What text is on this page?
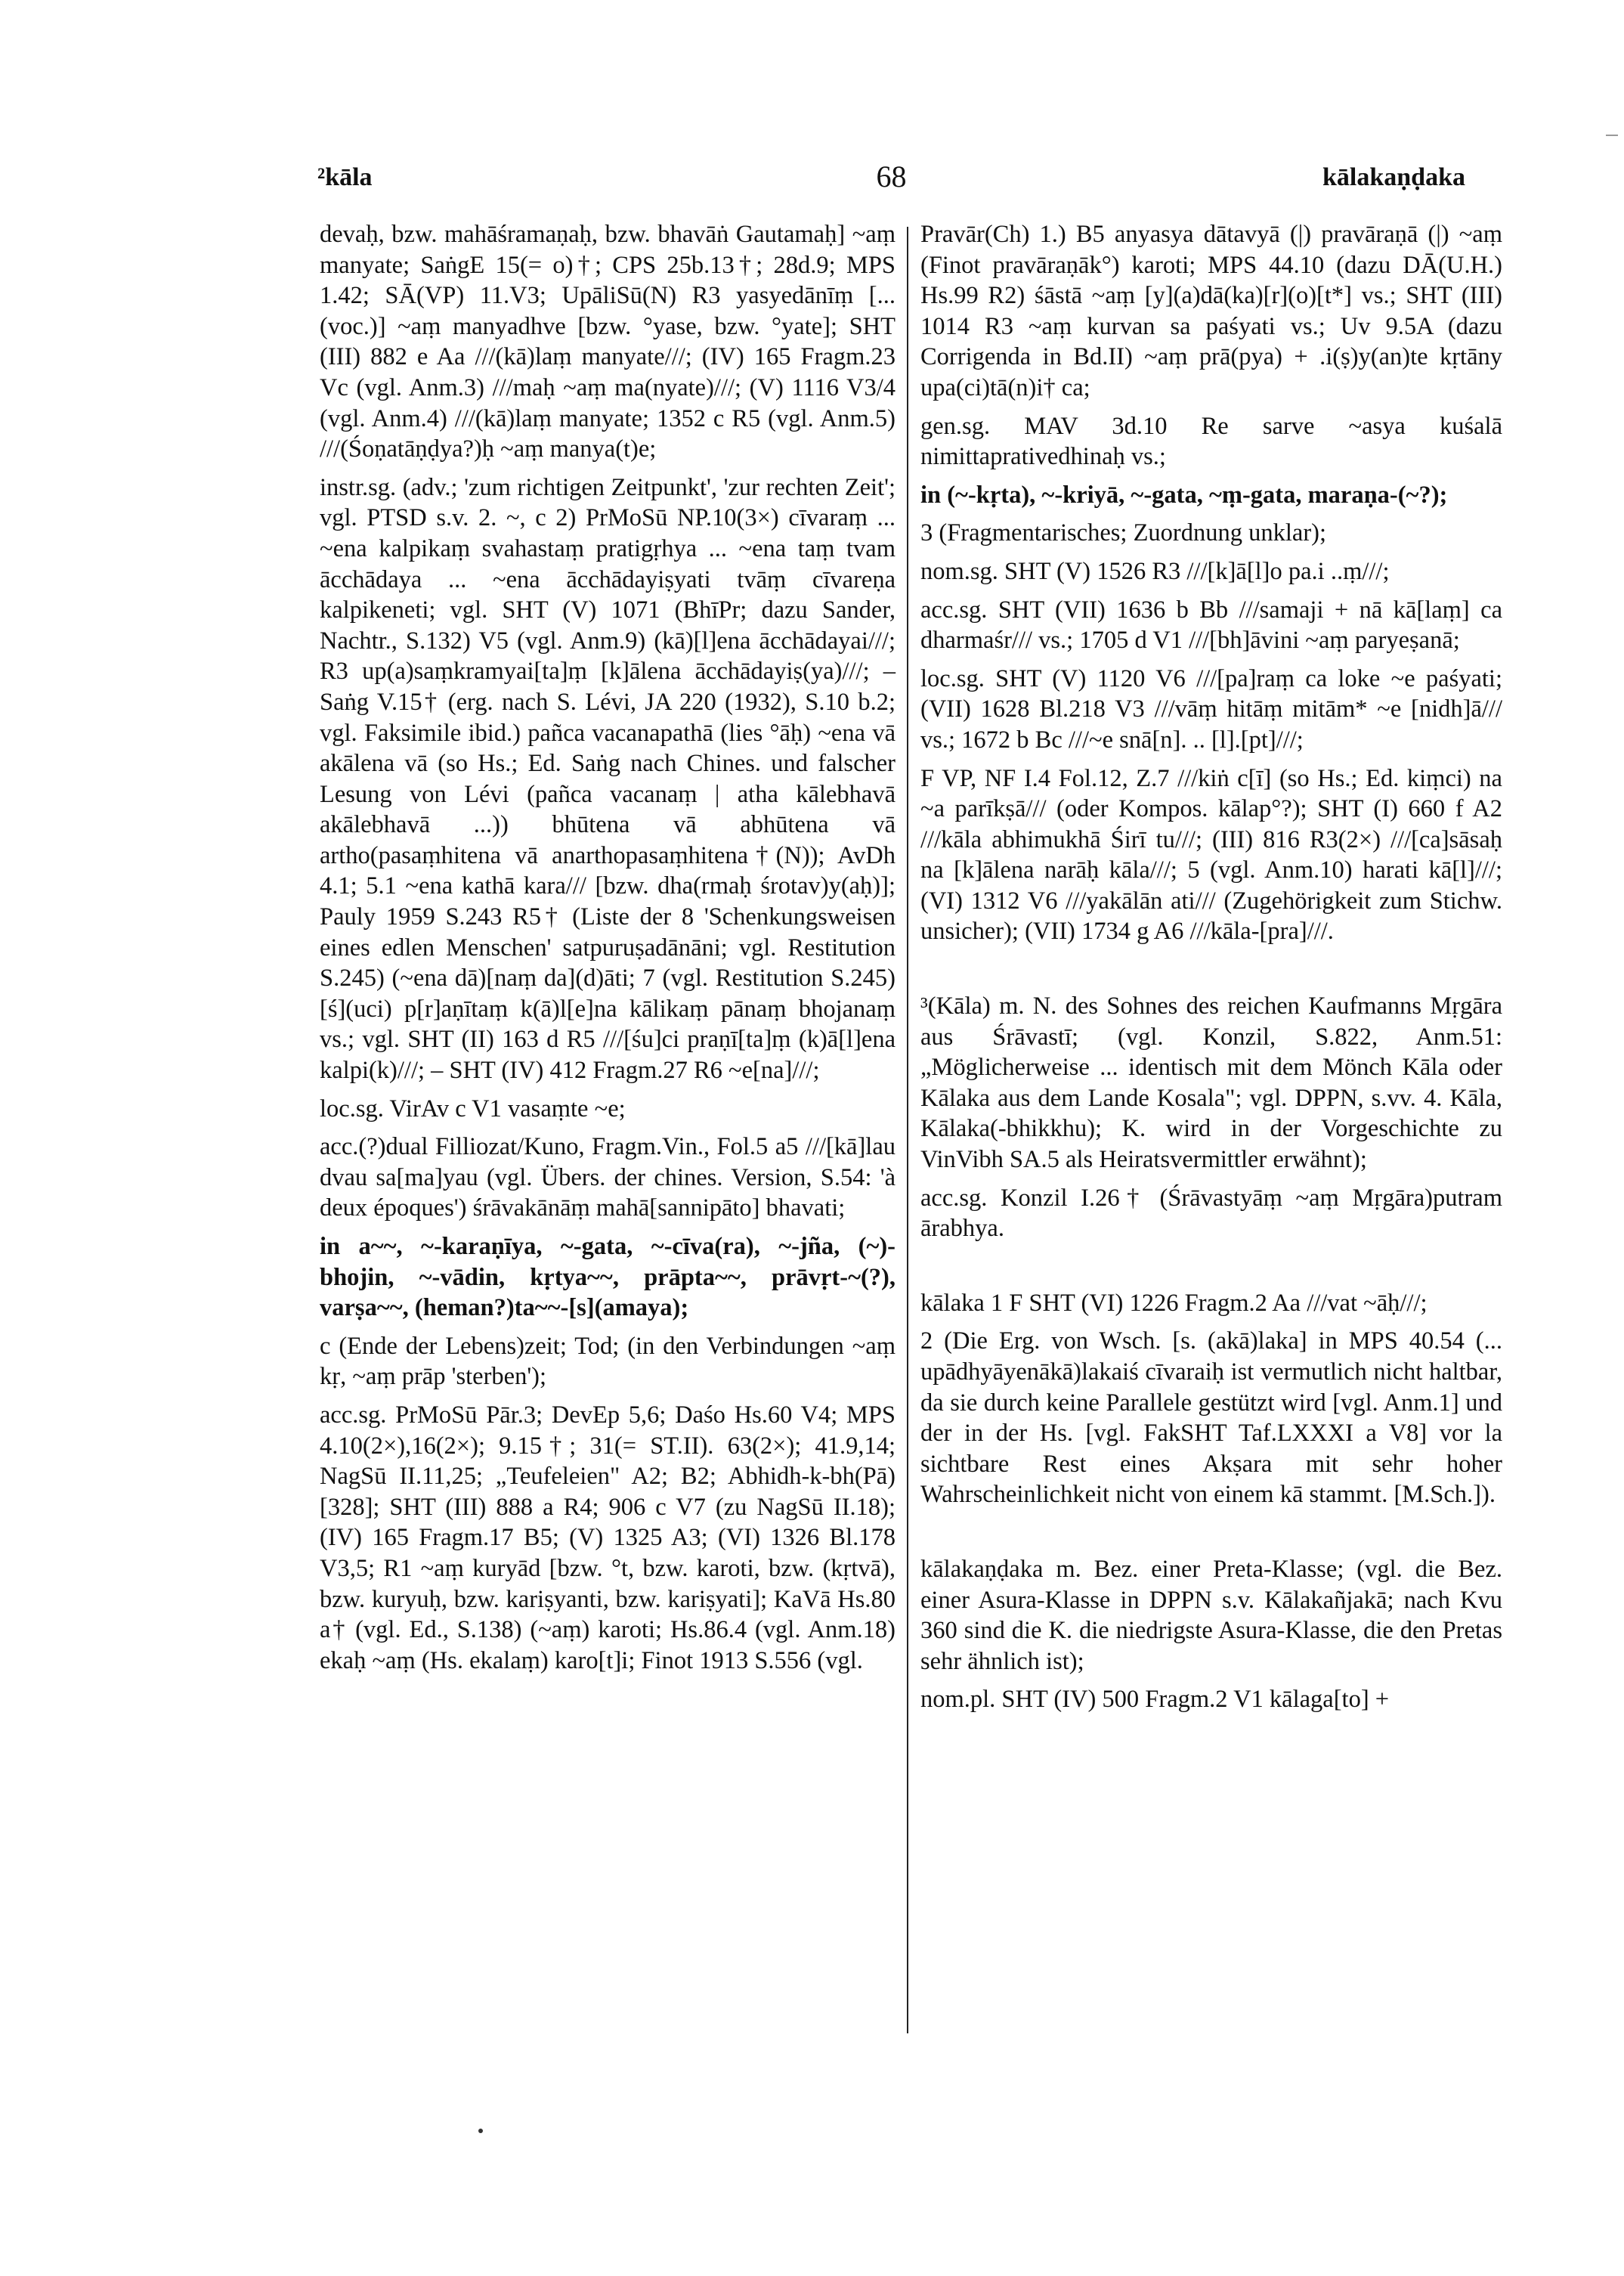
²kāla	68	kālakaṇḍaka

devaḥ, bzw. mahāśramaṇaḥ, bzw. bhavāṅ Gautamaḥ] ~aṃ manyate; SaṅgE 15(= o)†; CPS 25b.13†; 28d.9; MPS 1.42; SĀ(VP) 11.V3; UpāliSū(N) R3 yasyedānīṃ [... (voc.)] ~aṃ manyadhve [bzw. °yase, bzw. °yate]; SHT (III) 882 e Aa ///(kā)laṃ manyate///; (IV) 165 Fragm.23 Vc (vgl. Anm.3) ///maḥ ~aṃ ma(nyate)///; (V) 1116 V3/4 (vgl. Anm.4) ///(kā)laṃ manyate; 1352 c R5 (vgl. Anm.5) ///(Śoṇatāṇḍya?)ḥ ~aṃ manya(t)e;

instr.sg. (adv.; 'zum richtigen Zeitpunkt', 'zur rechten Zeit'; vgl. PTSD s.v. 2. ~, c 2) PrMoSū NP.10(3×) cīvaraṃ ... ~ena kalpikaṃ svahastaṃ pratigṛhya ... ~ena taṃ tvam ācchādaya ... ~ena ācchādayiṣyati tvāṃ cīvareṇa kalpikeneti; vgl. SHT (V) 1071 (BhīPr; dazu Sander, Nachtr., S.132) V5 (vgl. Anm.9) (kā)[l]ena ācchādayai///; R3 up(a)saṃkramyai[ta]ṃ [k]ālena ācchādayiṣ(ya)///; – Saṅg V.15† (erg. nach S. Lévi, JA 220 (1932), S.10 b.2; vgl. Faksimile ibid.) pañca vacanapathā (lies °āḥ) ~ena vā akālena vā (so Hs.; Ed. Saṅg nach Chines. und falscher Lesung von Lévi (pañca vacanaṃ | atha kālebhavā akālebhavā ...)) bhūtena vā abhūtena vā artho(pasaṃhitena vā anarthopasaṃhitena†(N)); AvDh 4.1; 5.1 ~ena kathā kara/// [bzw. dha(rmaḥ śrotav)y(aḥ)]; Pauly 1959 S.243 R5† (Liste der 8 'Schenkungsweisen eines edlen Menschen' satpuruṣadānāni; vgl. Restitution S.245) (~ena dā)[naṃ da](d)āti; 7 (vgl. Restitution S.245) [ś](uci) p[r]aṇītaṃ k(ā)l[e]na kālikaṃ pānaṃ bhojanaṃ vs.; vgl. SHT (II) 163 d R5 ///[śu]ci praṇī[ta]ṃ (k)ā[l]ena kalpi(k)///; – SHT (IV) 412 Fragm.27 R6 ~e[na]///;

loc.sg. VirAv c V1 vasaṃte ~e;

acc.(?)dual Filliozat/Kuno, Fragm.Vin., Fol.5 a5 ///[kā]lau dvau sa[ma]yau (vgl. Übers. der chines. Version, S.54: 'à deux époques') śrāvakānāṃ mahā[sannipāto] bhavati;

in a~~, ~-karaṇīya, ~-gata, ~-cīva(ra), ~-jña, (~)-bhojin, ~-vādin, kṛtya~~, prāpta~~, prāvṛt-~(?), varṣa~~, (heman?)ta~~-[s](amaya);

c (Ende der Lebens)zeit; Tod; (in den Verbindungen ~aṃ kṛ, ~aṃ prāp 'sterben');

acc.sg. PrMoSū Pār.3; DevEp 5,6; Daśo Hs.60 V4; MPS 4.10(2×),16(2×); 9.15†; 31(= ST.II). 63(2×); 41.9,14; NagSū II.11,25; „Teufeleien" A2; B2; Abhidh-k-bh(Pā) [328]; SHT (III) 888 a R4; 906 c V7 (zu NagSū II.18); (IV) 165 Fragm.17 B5; (V) 1325 A3; (VI) 1326 Bl.178 V3,5; R1 ~aṃ kuryād [bzw. °t, bzw. karoti, bzw. (kṛtvā), bzw. kuryuḥ, bzw. kariṣyanti, bzw. kariṣyati]; KaVā Hs.80 a† (vgl. Ed., S.138) (~aṃ) karoti; Hs.86.4 (vgl. Anm.18) ekaḥ ~aṃ (Hs. ekalaṃ) karo[t]i; Finot 1913 S.556 (vgl.

Pravār(Ch) 1.) B5 anyasya dātavyā (|) pravāraṇā (|) ~aṃ (Finot pravāraṇāk°) karoti; MPS 44.10 (dazu DĀ(U.H.) Hs.99 R2) śāstā ~aṃ [y](a)dā(ka)[r](o)[t*] vs.; SHT (III) 1014 R3 ~aṃ kurvan sa paśyati vs.; Uv 9.5A (dazu Corrigenda in Bd.II) ~aṃ prā(pya) + .i(ṣ)y(an)te kṛtāny upa(ci)tā(n)i† ca;

gen.sg. MAV 3d.10 Re sarve ~asya kuśalā nimittaprativedhinaḥ vs.;

in (~-kṛta), ~-kriyā, ~-gata, ~ṃ-gata, maraṇa-(~?);

3 (Fragmentarisches; Zuordnung unklar);

nom.sg. SHT (V) 1526 R3 ///[k]ā[l]o pa.i ..ṃ///;

acc.sg. SHT (VII) 1636 b Bb ///samaji + nā kā[laṃ] ca dharmaśr/// vs.; 1705 d V1 ///[bh]āvini ~aṃ paryeṣanā;

loc.sg. SHT (V) 1120 V6 ///[pa]raṃ ca loke ~e paśyati; (VII) 1628 Bl.218 V3 ///vāṃ hitāṃ mitām* ~e [nidh]ā/// vs.; 1672 b Bc ///~e snā[n]. .. [l].[pt]///;

F VP, NF I.4 Fol.12, Z.7 ///kiṅ c[ī] (so Hs.; Ed. kiṃci) na ~a parīkṣā/// (oder Kompos. kālap°?); SHT (I) 660 f A2 ///kāla abhimukhā Śirī tu///; (III) 816 R3(2×) ///[ca]sāsaḥ na [k]ālena narāḥ kāla///; 5 (vgl. Anm.10) harati kā[l]///; (VI) 1312 V6 ///yakālān ati/// (Zugehörigkeit zum Stichw. unsicher); (VII) 1734 g A6 ///kāla-[pra]///.

³(Kāla) m. N. des Sohnes des reichen Kaufmanns Mṛgāra aus Śrāvastī; (vgl. Konzil, S.822, Anm.51: „Möglicherweise ... identisch mit dem Mönch Kāla oder Kālaka aus dem Lande Kosala"; vgl. DPPN, s.vv. 4. Kāla, Kālaka(-bhikkhu); K. wird in der Vorgeschichte zu VinVibh SA.5 als Heiratsvermittler erwähnt);

acc.sg. Konzil I.26† (Śrāvastyāṃ ~aṃ Mṛgāra)putram ārabhya.

kālaka 1 F SHT (VI) 1226 Fragm.2 Aa ///vat ~āḥ///;

2 (Die Erg. von Wsch. [s. (akā)laka] in MPS 40.54 (... upādhyāyenākā)lakaiś cīvaraiḥ ist vermutlich nicht haltbar, da sie durch keine Parallele gestützt wird [vgl. Anm.1] und der in der Hs. [vgl. FakSHT Taf.LXXXI a V8] vor la sichtbare Rest eines Akṣara mit sehr hoher Wahrscheinlichkeit nicht von einem kā stammt. [M.Sch.]).

kālakaṇḍaka m. Bez. einer Preta-Klasse; (vgl. die Bez. einer Asura-Klasse in DPPN s.v. Kālakañjakā; nach Kvu 360 sind die K. die niedrigste Asura-Klasse, die den Pretas sehr ähnlich ist);

nom.pl. SHT (IV) 500 Fragm.2 V1 kālaga[to] +
